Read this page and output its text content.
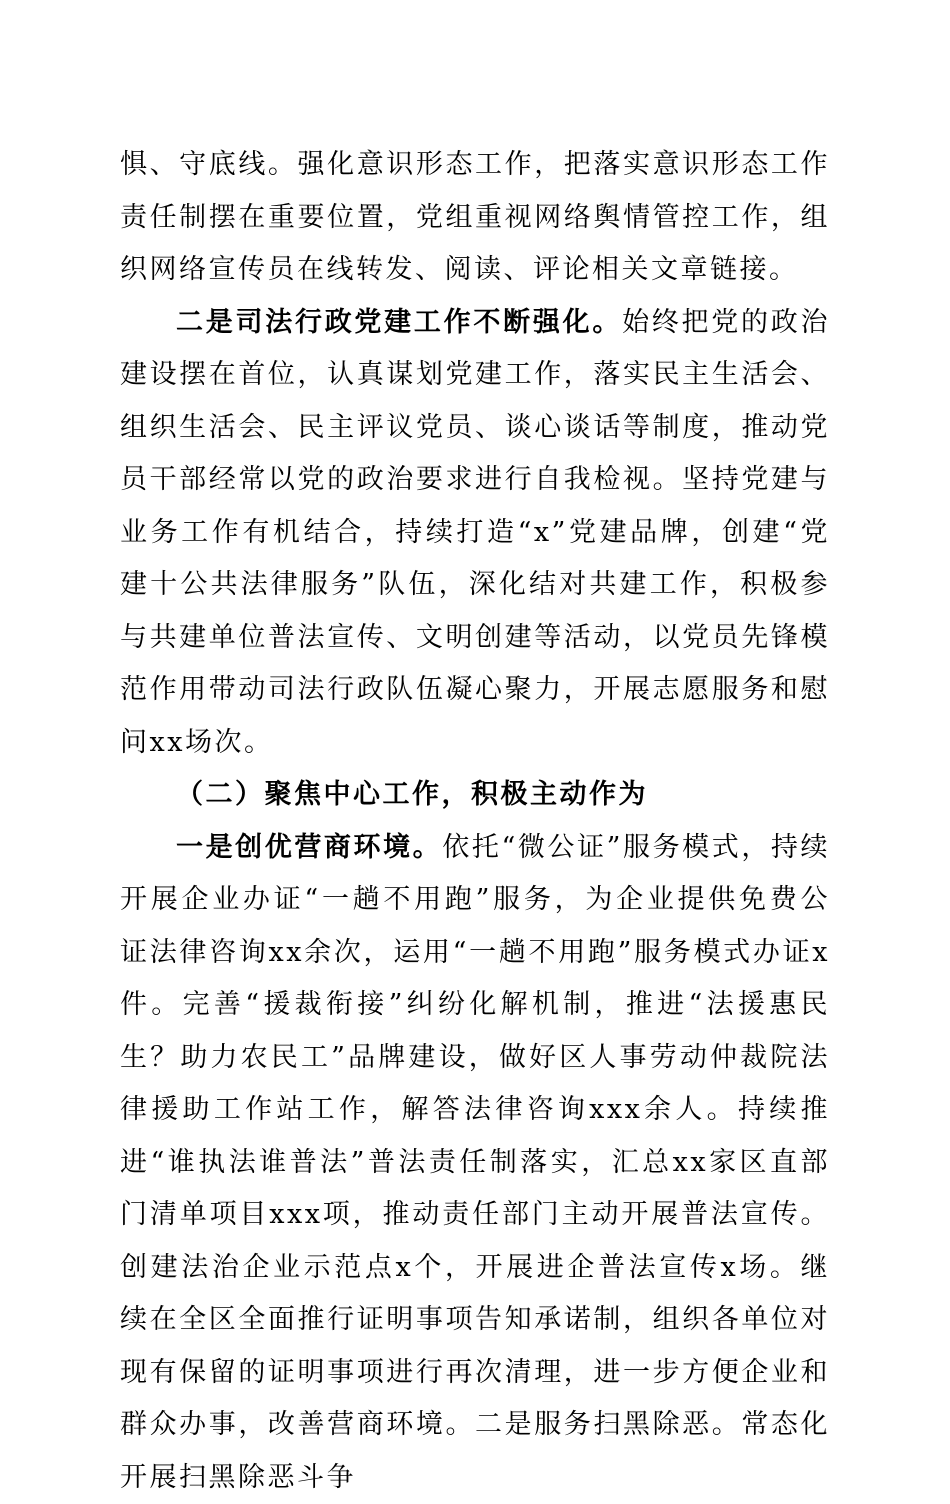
惧、守底线。强化意识形态工作，把落实意识形态工作责任制摆在重要位置，党组重视网络舆情管控工作，组织网络宣传员在线转发、阅读、评论相关文章链接。

二是司法行政党建工作不断强化。始终把党的政治建设摆在首位，认真谋划党建工作，落实民主生活会、组织生活会、民主评议党员、谈心谈话等制度，推动党员干部经常以党的政治要求进行自我检视。坚持党建与业务工作有机结合，持续打造“x”党建品牌，创建“党建十公共法律服务”队伍，深化结对共建工作，积极参与共建单位普法宣传、文明创建等活动，以党员先锋模范作用带动司法行政队伍凝心聚力，开展志愿服务和慰问xx场次。

（二）聚焦中心工作，积极主动作为

一是创优营商环境。依托“微公证”服务模式，持续开展企业办证“一趟不用跑”服务，为企业提供免费公证法律咨询xx余次，运用“一趟不用跑”服务模式办证x件。完善“援裁衔接”纠纷化解机制，推进“法援惠民生？助力农民工”品牌建设，做好区人事劳动仲裁院法律援助工作站工作，解答法律咨询xxx余人。持续推进“谁执法谁普法”普法责任制落实，汇总xx家区直部门清单项目xxx项，推动责任部门主动开展普法宣传。创建法治企业示范点x个，开展进企普法宣传x场。继续在全区全面推行证明事项告知承诺制，组织各单位对现有保留的证明事项进行再次清理，进一步方便企业和群众办事，改善营商环境。二是服务扫黑除恶。常态化开展扫黑除恶斗争
